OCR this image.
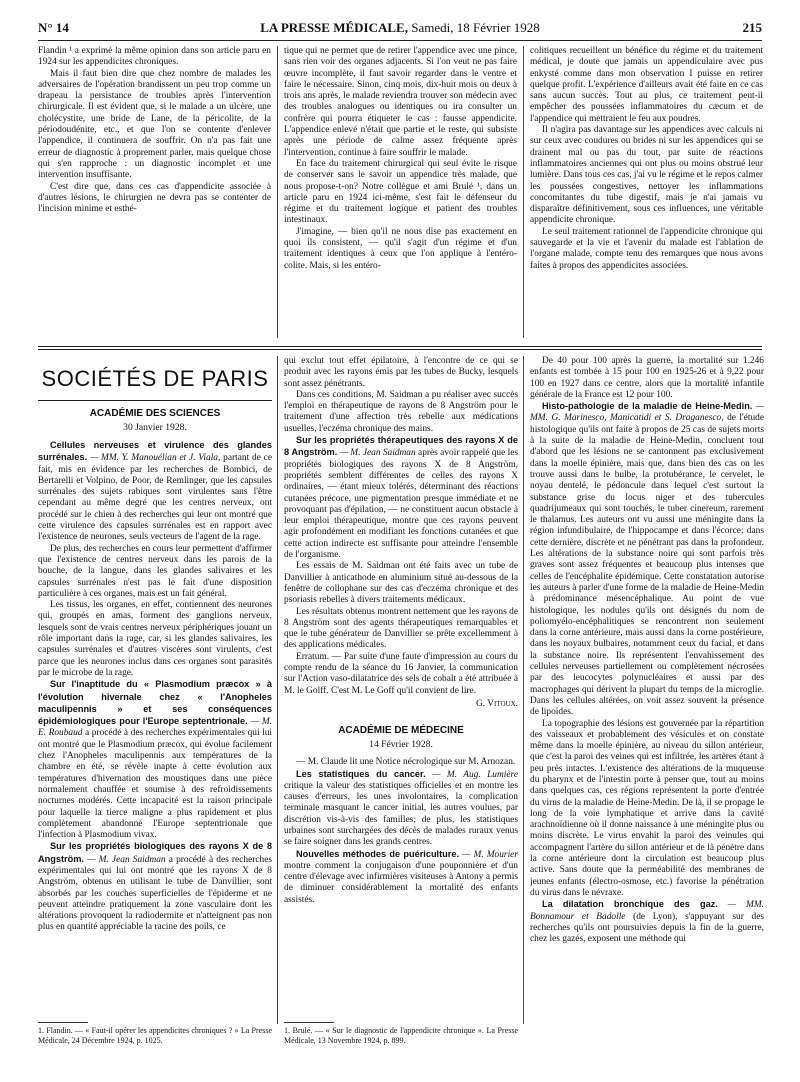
N° 14	LA PRESSE MÉDICALE, Samedi, 18 Février 1928	215

Flandin ¹ a exprimé la même opinion dans son article paru en 1924 sur les appendicites chroniques.

Mais il faut bien dire que chez nombre de malades les adversaires de l'opération brandissent un peu trop comme un drapeau la persistance de troubles après l'intervention chirurgicale. Il est évident que, si le malade a un ulcère, une cholécystite, une bride de Lane, de la péricolite, de la périodoudénite, etc., et que l'on se contente d'enlever l'appendice, il continuera de souffrir. On n'a pas fait une erreur de diagnostic à proprement parler, mais quelque chose qui s'en rapproche : un diagnostic incomplet et une intervention insuffisante.

C'est dire que, dans ces cas d'appendicite associée à d'autres lésions, le chirurgien ne devra pas se contenter de l'incision minime et esthé-

tique qui ne permet que de retirer l'appendice avec une pince, sans rien voir des organes adjacents. Si l'on veut ne pas faire œuvre incomplète, il faut savoir regarder dans le ventre et faire le nécessaire. Sinon, cinq mois, dix-huit mois ou deux à trois ans après, le malade reviendra trouver son médecin avec des troubles analogues ou identiques ou ira consulter un confrère qui pourra étiqueter le cas : fausse appendicite. L'appendice enlevé n'était que partie et le reste, qui subsiste après une période de calme assez fréquente après l'intervention, continue à faire souffrir le malade.

En face du traitement chirurgical qui seul évite le risque de conserver sans le savoir un appendice très malade, que nous propose-t-on? Notre collègue et ami Brulé ¹, dans un article paru en 1924 ici-même, s'est fait le défenseur du régime et du traitement logique et patient des troubles intestinaux.

J'imagine, — bien qu'il ne nous dise pas exactement en quoi ils consistent, — qu'il s'agit d'un régime et d'un traitement identiques à ceux que l'on applique à l'entéro-colite. Mais, si les entéro-

colitiques recueillent un bénéfice du régime et du traitement médical, je doute que jamais un appendiculaire avec pus enkysté comme dans mon observation I puisse en retirer quelque profit. L'expérience d'ailleurs avait été faite en ce cas sans aucun succès. Tout au plus, ce traitement peut-il empêcher des poussées inflammatoires du cæcum et de l'appendice qui mettraient le feu aux poudres.

Il n'agira pas davantage sur les appendices avec calculs ni sur ceux avec coudures ou brides ni sur les appendices qui se drainent mal ou pas du tout, par suite de réactions inflammatoires anciennes qui ont plus ou moins obstrué leur lumière. Dans tous ces cas, j'ai vu le régime et le repos calmer les poussées congestives, nettoyer les inflammations concomitantes du tube digestif, mais je n'ai jamais vu disparaître définitivement, sous ces influences, une véritable appendicite chronique.

Le seul traitement rationnel de l'appendicite chronique qui sauvegarde et la vie et l'avenir du malade est l'ablation de l'organe malade, compte tenu des remarques que nous avons faites à propos des appendicites associées.

SOCIÉTÉS DE PARIS
ACADÉMIE DES SCIENCES
30 Janvier 1928.

Cellules nerveuses et virulence des glandes surrénales. — MM. Y. Manouélian et J. Viala, partant de ce fait, mis en évidence par les recherches de Bombici, de Bertarelli et Volpino, de Poor, de Remlinger, que les capsules surrénales des sujets rabiques sont virulentes sans l'être cependant au même degré que les centres nerveux, ont procédé sur le chien à des recherches qui leur ont montré que cette virulence des capsules surrénales est en rapport avec l'existence de neurones, seuls vecteurs de l'agent de la rage.

De plus, des recherches en cours leur permettent d'affirmer que l'existence de centres nerveux dans les parois de la bouche, de la langue, dans les glandes salivaires et les capsules surrénales n'est pas le fait d'une disposition particulière à ces organes, mais est un fait général.

Les tissus, les organes, en effet, contiennent des neurones qui, groupés en amas, forment des ganglions nerveux, lesquels sont de vrais centres nerveux périphériques jouant un rôle important dans la rage, car, si les glandes salivaires, les capsules surrénales et d'autres viscères sont virulents, c'est parce que les neurones inclus dans ces organes sont parasités par le microbe de la rage.

Sur l'inaptitude du « Plasmodium præcox » à l'évolution hivernale chez « l'Anopheles maculipennis » et ses conséquences épidémiologiques pour l'Europe septentrionale. — M. E. Roubaud a procédé à des recherches expérimentales qui lui ont montré que le Plasmodium præcox, qui évolue facilement chez l'Anopheles maculipennis aux températures de la chambre en été, se révèle inapte à cette évolution aux températures d'hivernation des moustiques dans une pièce normalement chauffée et soumise à des refroidissements nocturnes modérés. Cette incapacité est la raison principale pour laquelle la tierce maligne a plus rapidement et plus complètement abandonné l'Europe septentrionale que l'infection à Plasmodium vivax.

Sur les propriétés biologiques des rayons X de 8 Angström. — M. Jean Saidman a procédé à des recherches expérimentales qui lui ont montré que les rayons X de 8 Angström, obtenus en utilisant le tube de Danvillier, sont absorbés par les couches superficielles de l'épiderme et ne peuvent atteindre pratiquement la zone vasculaire dont les altérations provoquent la radiodermite et n'atteignent pas non plus en quantité appréciable la racine des poils, ce

qui exclut tout effet épilatoire, à l'encontre de ce qui se produit avec les rayons émis par les tubes de Bucky, lesquels sont assez pénétrants.

Dans ces conditions, M. Saidman a pu réaliser avec succès l'emploi en thérapeutique de rayons de 8 Angström pour le traitement d'une affection très rebelle aux médications usuelles, l'eczéma chronique des mains.

Sur les propriétés thérapeutiques des rayons X de 8 Angström. — M. Jean Saidman après avoir rappelé que les propriétés biologiques des rayons X de 8 Angström, propriétés semblent différentes de celles des rayons X ordinaires, — étant mieux tolérés, déterminant des réactions cutanées précoce, une pigmentation presque immédiate et ne provoquant pas d'épilation, — ne constituent aucun obstacle à leur emploi thérapeutique, montre que ces rayons peuvent agir profondément en modifiant les fonctions cutanées et que cette action indirecte est suffisante pour atteindre l'ensemble de l'organisme.

Les essais de M. Saidman ont été faits avec un tube de Danvillier à anticathode en aluminium situé au-dessous de la fenêtre de collophane sur des cas d'eczéma chronique et des psoriasis rebelles à divers traitements médicaux.

Les résultats obtenus montrent nettement que les rayons de 8 Angström sont des agents thérapeutiques remarquables et que le tube générateur de Danvillier se prête excellemment à des applications médicales.

Erratum. — Par suite d'une faute d'impression au cours du compte rendu de la séance du 16 Janvier, la communication sur l'Action vaso-dilatatrice des sels de cobalt a été attribuée à M. le Golff. C'est M. Le Goff qu'il convient de lire.

G. Vitoux.
ACADÉMIE DE MÉDECINE
14 Février 1928.

— M. Claude lit une Notice nécrologique sur M. Arnozan.

Les statistiques du cancer. — M. Aug. Lumière critique la valeur des statistiques officielles et en montre les causes d'erreurs, les unes involontaires, la complication terminale masquant le cancer initial, les autres voulues, par discrétion vis-à-vis des familles; de plus, les statistiques urbaines sont surchargées des décès de malades ruraux venus se faire soigner dans les grands centres.

Nouvelles méthodes de puériculture. — M. Mourier montre comment la conjugaison d'une pouponnière et d'un centre d'élevage avec infirmières visiteuses à Antony a permis de diminuer considérablement la mortalité des enfants assistés.

De 40 pour 100 après la guerre, la mortalité sur 1.246 enfants est tombée à 15 pour 100 en 1925-26 et à 9,22 pour 100 en 1927 dans ce centre, alors que la mortalité infantile générale de la France est 12 pour 100.

Histo-pathologie de la maladie de Heine-Medin. — MM. G. Marinesco, Manicatidi et S. Draganesco, de l'étude histologique qu'ils ont faite à propos de 25 cas de sujets morts à la suite de la maladie de Heine-Medin, concluent tout d'abord que les lésions ne se cantonnent pas exclusivement dans la moelle épinière, mais que, dans bien des cas on les trouve aussi dans le bulbe, la protubérance, le cervelet, le noyau dentelé, le pédoncule dans lequel c'est surtout la substance grise du locus niger et des tubercules quadrijumeaux qui sont touchés, le tuber cinereum, rarement le thalamus. Les auteurs ont vu aussi une méningite dans la région infundibulaire, de l'hippocampe et dans l'écorce; dans cette dernière, discrète et ne pénétrant pas dans la profondeur. Les altérations de la substance noire qui sont parfois très graves sont assez fréquentes et beaucoup plus intenses que celles de l'encéphalite épidémique. Cette constatation autorise les auteurs à parler d'une forme de la maladie de Heine-Medin à prédominance mésencéphalique. Au point de vue histologique, les nodules qu'ils ont désignés du nom de poliomyélo-encéphalitiques se rencontrent non seulement dans la corne antérieure, mais aussi dans la corne postérieure, dans les noyaux bulbaires, notamment ceux du facial, et dans la substance noire. Ils représentent l'envahissement des cellules nerveuses partiellement ou complètement nécrosées par des leucocytes polynucléaires et aussi par des macrophages qui dérivent la plupart du temps de la microglie. Dans les cellules altérées, on voit assez souvent la présence de lipoïdes.

La topographie des lésions est gouvernée par la répartition des vaisseaux et probablement des vésicules et on constate même dans la moelle épinière, au niveau du sillon antérieur, que c'est la paroi des veines qui est infiltrée, les artères étant à peu près intactes. L'existence des altérations de la muqueuse du pharynx et de l'intestin porte à penser que, tout au moins dans quelques cas, ces régions représentent la porte d'entrée du virus de la maladie de Heine-Medin. De là, il se propage le long de la voie lymphatique et arrive dans la cavité arachnoïdienne où il donne naissance à une méningite plus ou moins discrète. Le virus envahit la paroi des veinules qui accompagnent l'artère du sillon antérieur et de là pénètre dans la corne antérieure dont la circulation est beaucoup plus active. Sans doute que la perméabilité des membranes de jeunes enfants (électro-osmose, etc.) favorise la pénétration du virus dans le névraxe.

La dilatation bronchique des gaz. — MM. Bonnamour et Badolle (de Lyon), s'appuyant sur des recherches qu'ils ont poursuivies depuis la fin de la guerre, chez les gazés, exposent une méthode qui

1. Flandin. — « Faut-il opérer les appendicites chroniques ? » La Presse Médicale, 24 Décembre 1924, p. 1025.
1. Brulé. — « Sur le diagnostic de l'appendicite chronique ». La Presse Médicale, 13 Novembre 1924, p. 899.
